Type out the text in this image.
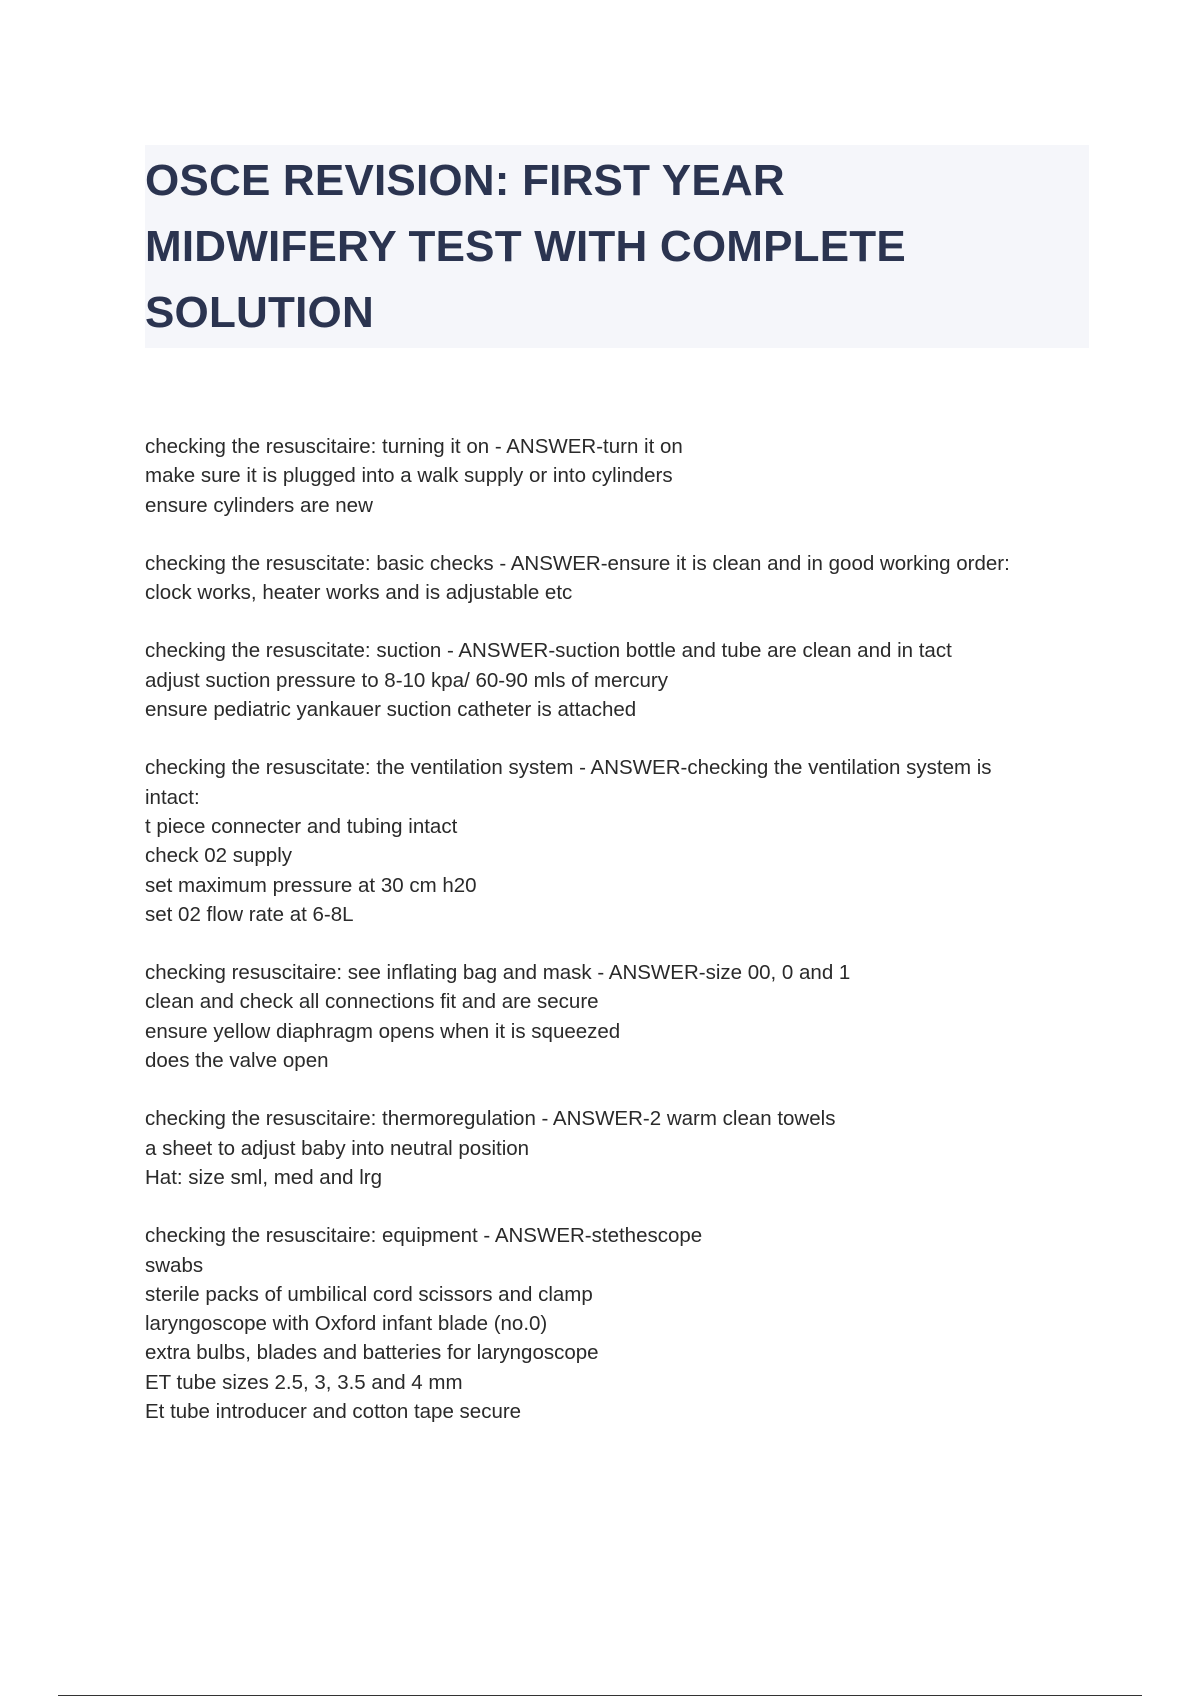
OSCE REVISION: FIRST YEAR
MIDWIFERY TEST WITH COMPLETE
SOLUTION
checking the resuscitaire: turning it on - ANSWER-turn it on
make sure it is plugged into a walk supply or into cylinders
ensure cylinders are new
checking the resuscitate: basic checks - ANSWER-ensure it is clean and in good working order:
clock works, heater works and is adjustable etc
checking the resuscitate: suction - ANSWER-suction bottle and tube are clean and in tact
adjust suction pressure to 8-10 kpa/ 60-90 mls of mercury
ensure pediatric yankauer suction catheter is attached
checking the resuscitate: the ventilation system - ANSWER-checking the ventilation system is
intact:
t piece connecter and tubing intact
check 02 supply
set maximum pressure at 30 cm h20
set 02 flow rate at 6-8L
checking resuscitaire: see inflating bag and mask - ANSWER-size 00, 0 and 1
clean and check all connections fit and are secure
ensure yellow diaphragm opens when it is squeezed
does the valve open
checking the resuscitaire: thermoregulation - ANSWER-2 warm clean towels
a sheet to adjust baby into neutral position
Hat: size sml, med and lrg
checking the resuscitaire: equipment - ANSWER-stethescope
swabs
sterile packs of umbilical cord scissors and clamp
laryngoscope with Oxford infant blade (no.0)
extra bulbs, blades and batteries for laryngoscope
ET tube sizes 2.5, 3, 3.5 and 4 mm
Et tube introducer and cotton tape secure
